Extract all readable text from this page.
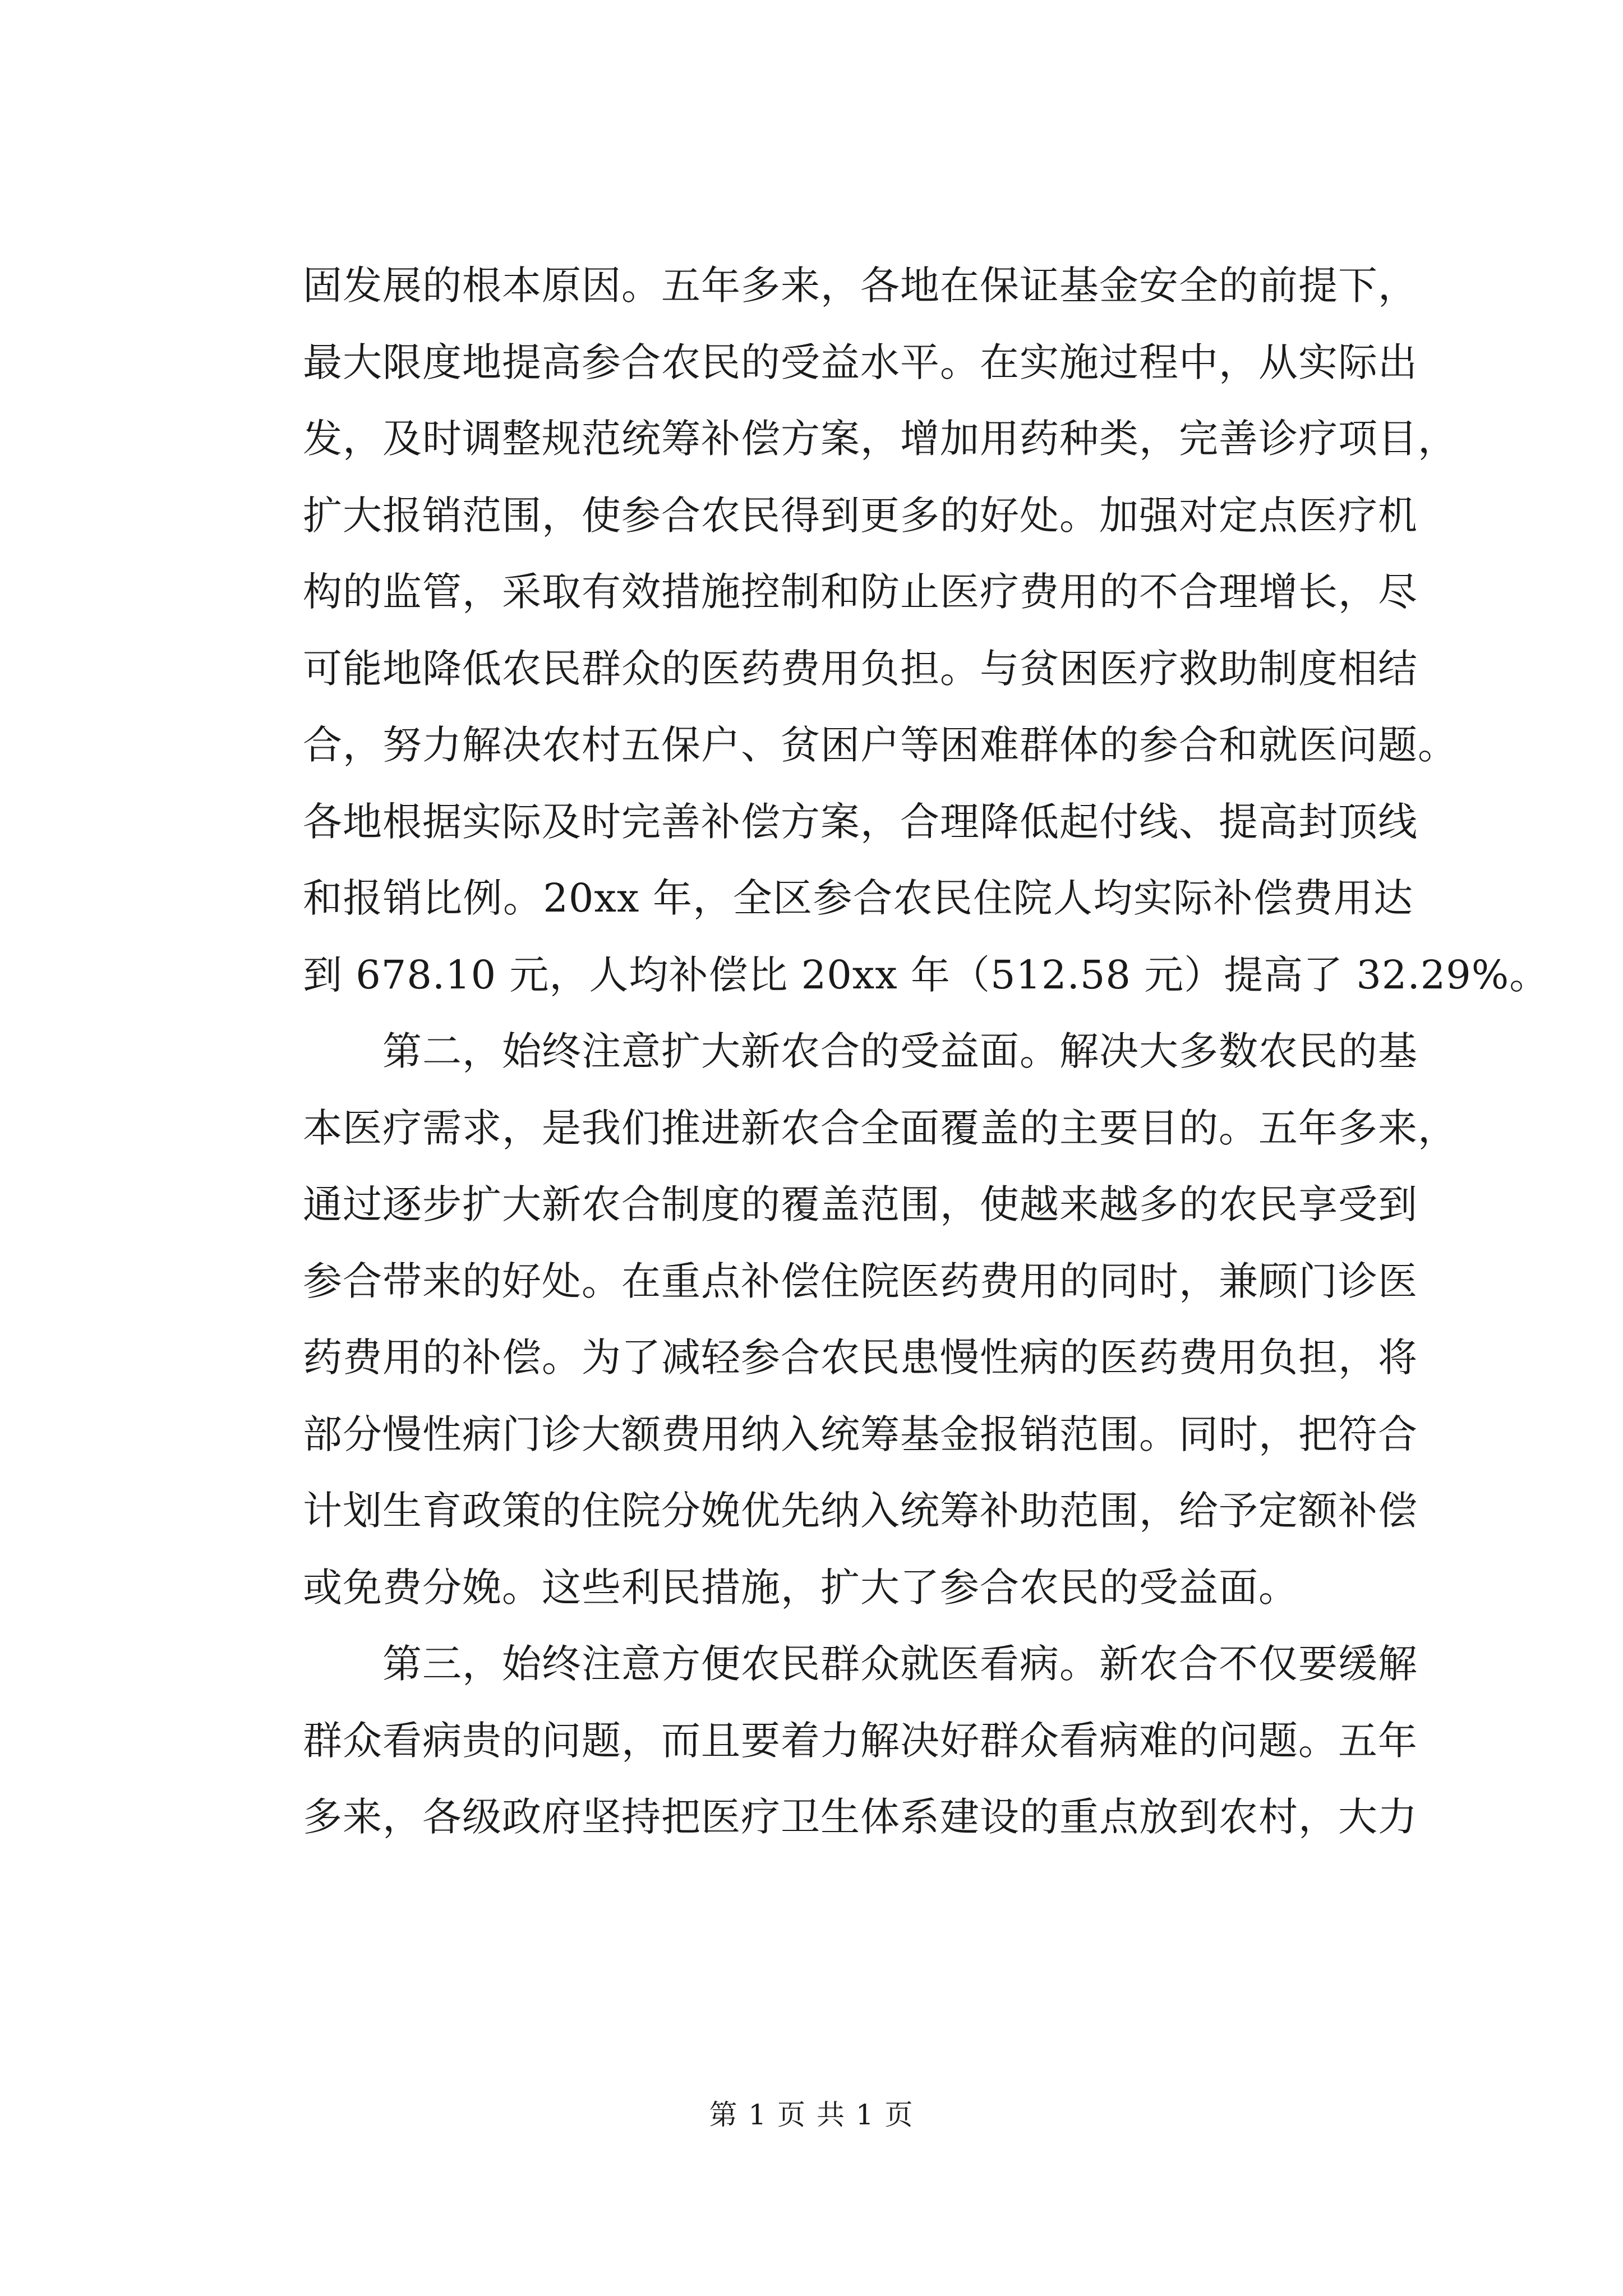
固发展的根本原因。五年多来，各地在保证基金安全的前提下，
最大限度地提高参合农民的受益水平。在实施过程中，从实际出
发，及时调整规范统筹补偿方案，增加用药种类，完善诊疗项目，
扩大报销范围，使参合农民得到更多的好处。加强对定点医疗机
构的监管，采取有效措施控制和防止医疗费用的不合理增长，尽
可能地降低农民群众的医药费用负担。与贫困医疗救助制度相结
合，努力解决农村五保户、贫困户等困难群体的参合和就医问题。
各地根据实际及时完善补偿方案，合理降低起付线、提高封顶线
和报销比例。20xx 年，全区参合农民住院人均实际补偿费用达
到 678.10 元，人均补偿比 20xx 年（512.58 元）提高了 32.29%。
　　第二，始终注意扩大新农合的受益面。解决大多数农民的基
本医疗需求，是我们推进新农合全面覆盖的主要目的。五年多来，
通过逐步扩大新农合制度的覆盖范围，使越来越多的农民享受到
参合带来的好处。在重点补偿住院医药费用的同时，兼顾门诊医
药费用的补偿。为了减轻参合农民患慢性病的医药费用负担，将
部分慢性病门诊大额费用纳入统筹基金报销范围。同时，把符合
计划生育政策的住院分娩优先纳入统筹补助范围，给予定额补偿
或免费分娩。这些利民措施，扩大了参合农民的受益面。
　　第三，始终注意方便农民群众就医看病。新农合不仅要缓解
群众看病贵的问题，而且要着力解决好群众看病难的问题。五年
多来，各级政府坚持把医疗卫生体系建设的重点放到农村，大力
第 1 页 共 1 页
